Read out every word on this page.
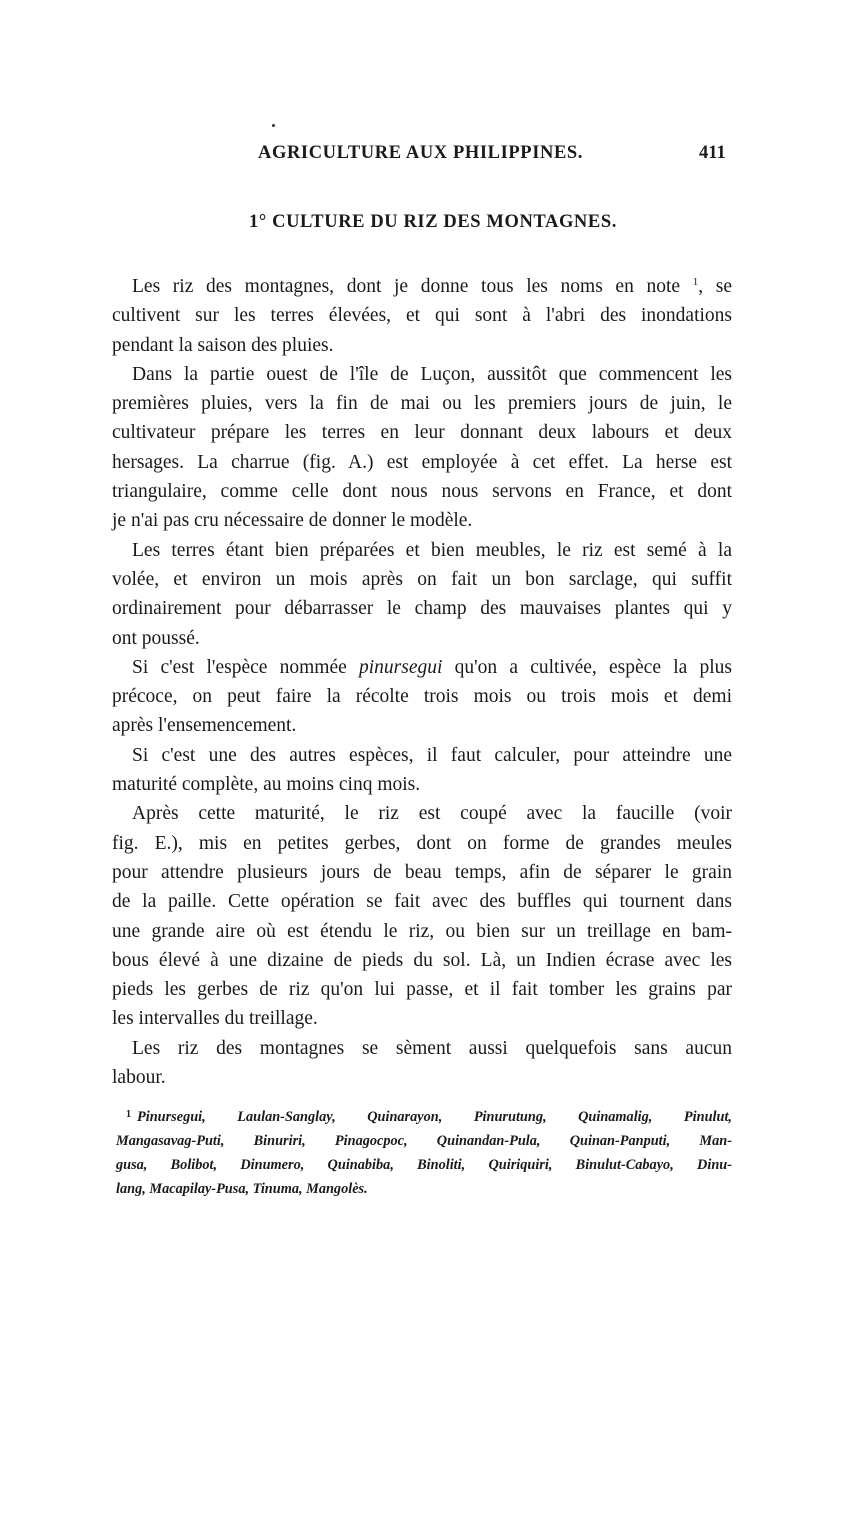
AGRICULTURE AUX PHILIPPINES.	411
1° CULTURE DU RIZ DES MONTAGNES.
Les riz des montagnes, dont je donne tous les noms en note $^1$, se
cultivent sur les terres élevées, et qui sont à l'abri des inondations
pendant la saison des pluies.
Dans la partie ouest de l'île de Luçon, aussitôt que commencent les
premières pluies, vers la fin de mai ou les premiers jours de juin, le
cultivateur prépare les terres en leur donnant deux labours et deux
hersages. La charrue (fig. A.) est employée à cet effet. La herse est
triangulaire, comme celle dont nous nous servons en France, et dont
je n'ai pas cru nécessaire de donner le modèle.
Les terres étant bien préparées et bien meubles, le riz est semé à la
volée, et environ un mois après on fait un bon sarclage, qui suffit
ordinairement pour débarrasser le champ des mauvaises plantes qui y
ont poussé.
Si c'est l'espèce nommée pinursegui qu'on a cultivée, espèce la plus
précoce, on peut faire la récolte trois mois ou trois mois et demi
après l'ensemencement.
Si c'est une des autres espèces, il faut calculer, pour atteindre une
maturité complète, au moins cinq mois.
Après cette maturité, le riz est coupé avec la faucille (voir
fig. E.), mis en petites gerbes, dont on forme de grandes meules
pour attendre plusieurs jours de beau temps, afin de séparer le grain
de la paille. Cette opération se fait avec des buffles qui tournent dans
une grande aire où est étendu le riz, ou bien sur un treillage en bam-
bous élevé à une dizaine de pieds du sol. Là, un Indien écrase avec les
pieds les gerbes de riz qu'on lui passe, et il fait tomber les grains par
les intervalles du treillage.
Les riz des montagnes se sèment aussi quelquefois sans aucun
labour.
$^1$ Pinursegui, Laulan-Sanglay, Quinarayon, Pinurutung, Quinamalig, Pinulut,
Mangasavag-Puti, Binuriri, Pinagocpoc, Quinandan-Pula, Quinan-Panputi, Man-
gusa, Bolibot, Dinumero, Quinabiba, Binoliti, Quiriquiri, Binulut-Cabayo, Dinu-
lang, Macapilay-Pusa, Tinuma, Mangolès.
